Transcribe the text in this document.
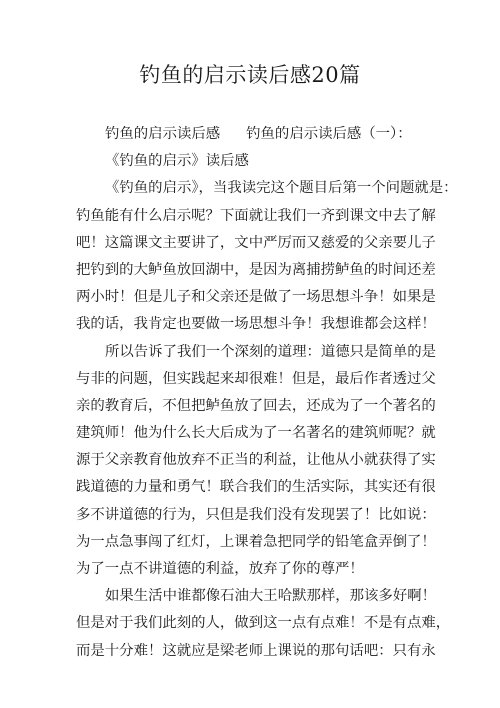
钓鱼的启示读后感20篇
钓鱼的启示读后感 钓鱼的启示读后感（一）：
《钓鱼的启示》读后感
《钓鱼的启示》，当我读完这个题目后第一个问题就是：
钓鱼能有什么启示呢？下面就让我们一齐到课文中去了解
吧！这篇课文主要讲了，文中严厉而又慈爱的父亲要儿子
把钓到的大鲈鱼放回湖中，是因为离捕捞鲈鱼的时间还差
两小时！但是儿子和父亲还是做了一场思想斗争！如果是
我的话，我肯定也要做一场思想斗争！我想谁都会这样！
所以告诉了我们一个深刻的道理：道德只是简单的是
与非的问题，但实践起来却很难！但是，最后作者透过父
亲的教育后，不但把鲈鱼放了回去，还成为了一个著名的
建筑师！他为什么长大后成为了一名著名的建筑师呢？就
源于父亲教育他放弃不正当的利益，让他从小就获得了实
践道德的力量和勇气！联合我们的生活实际，其实还有很
多不讲道德的行为，只但是我们没有发现罢了！比如说：
为一点急事闯了红灯，上课着急把同学的铅笔盒弄倒了！
为了一点不讲道德的利益，放弃了你的尊严！
如果生活中谁都像石油大王哈默那样，那该多好啊！
但是对于我们此刻的人，做到这一点有点难！不是有点难，
而是十分难！这就应是梁老师上课说的那句话吧：只有永
